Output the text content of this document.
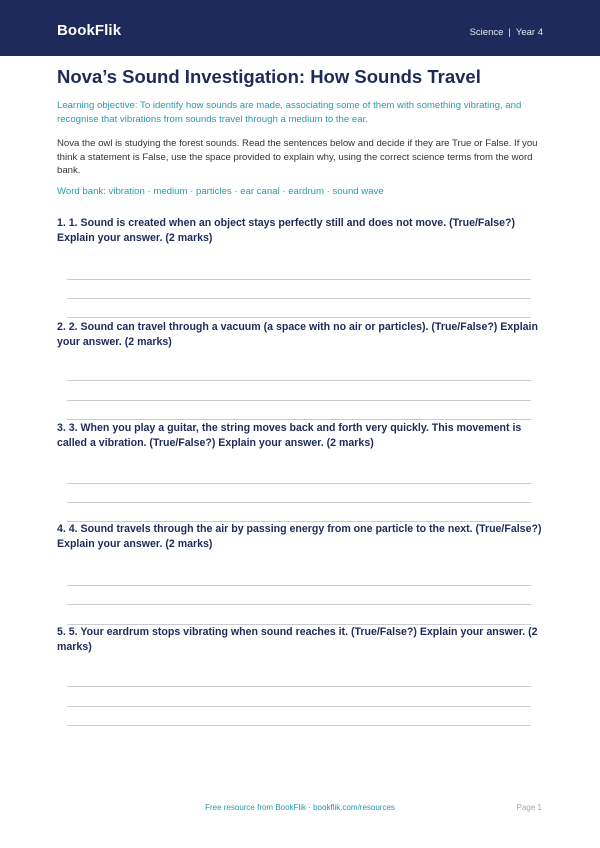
BookFlik	Science | Year 4
Nova’s Sound Investigation: How Sounds Travel
Learning objective: To identify how sounds are made, associating some of them with something vibrating, and recognise that vibrations from sounds travel through a medium to the ear.
Nova the owl is studying the forest sounds. Read the sentences below and decide if they are True or False. If you think a statement is False, use the space provided to explain why, using the correct science terms from the word bank.
Word bank: vibration · medium · particles · ear canal · eardrum · sound wave
1. 1. Sound is created when an object stays perfectly still and does not move. (True/False?) Explain your answer. (2 marks)
2. 2. Sound can travel through a vacuum (a space with no air or particles). (True/False?) Explain your answer. (2 marks)
3. 3. When you play a guitar, the string moves back and forth very quickly. This movement is called a vibration. (True/False?) Explain your answer. (2 marks)
4. 4. Sound travels through the air by passing energy from one particle to the next. (True/False?) Explain your answer. (2 marks)
5. 5. Your eardrum stops vibrating when sound reaches it. (True/False?) Explain your answer. (2 marks)
Free resource from BookFlik · bookflik.com/resources	Page 1
